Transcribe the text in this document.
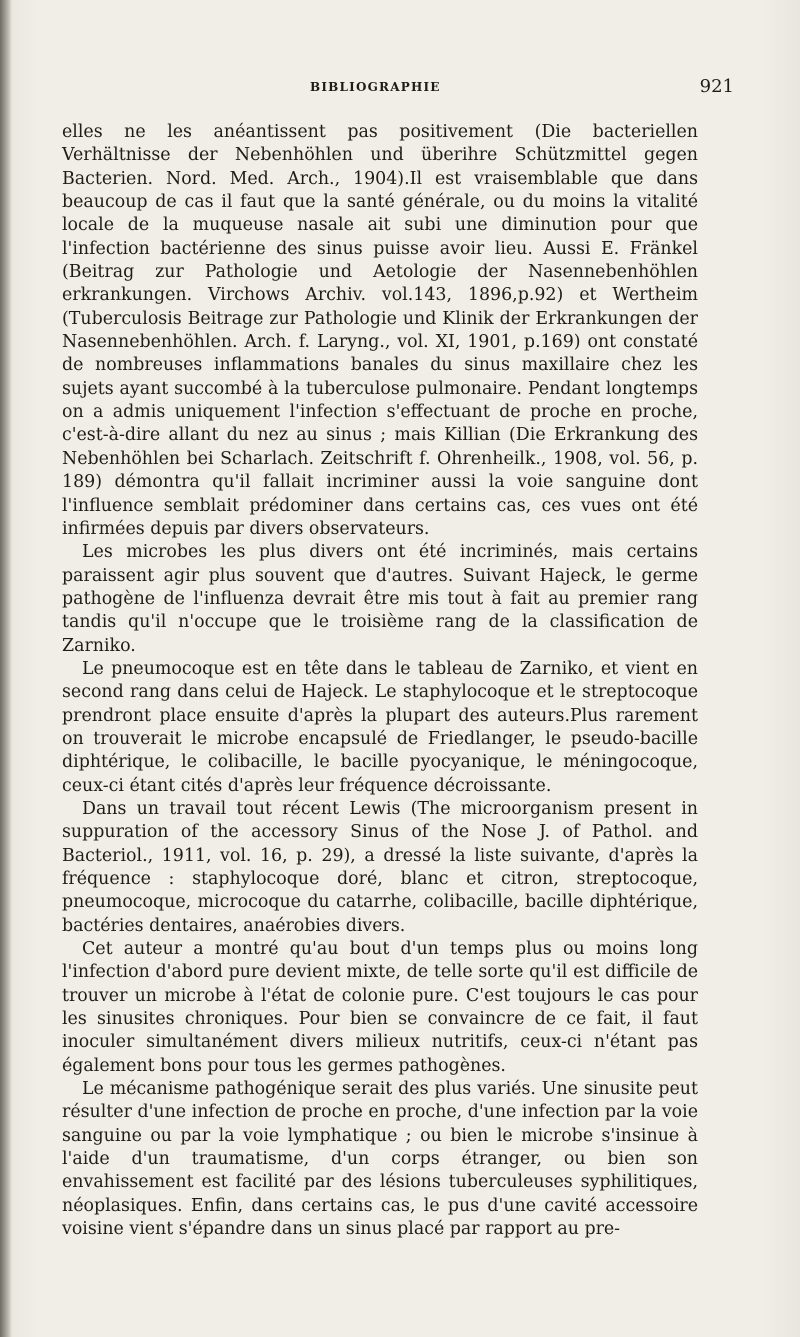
BIBLIOGRAPHIE	921

elles ne les anéantissent pas positivement (Die bacteriellen Verhältnisse der Nebenhöhlen und überihre Schützmittel gegen Bacterien. Nord. Med. Arch., 1904).Il est vraisemblable que dans beaucoup de cas il faut que la santé générale, ou du moins la vitalité locale de la muqueuse nasale ait subi une diminution pour que l'infection bactérienne des sinus puisse avoir lieu. Aussi E. Fränkel (Beitrag zur Pathologie und Aetologie der Nasennebenhöhlen erkrankungen. Virchows Archiv. vol.143, 1896,p.92) et Wertheim (Tuberculosis Beitrage zur Pathologie und Klinik der Erkrankungen der Nasennebenhöhlen. Arch. f. Laryng., vol. XI, 1901, p.169) ont constaté de nombreuses inflammations banales du sinus maxillaire chez les sujets ayant succombé à la tuberculose pulmonaire. Pendant longtemps on a admis uniquement l'infection s'effectuant de proche en proche, c'est-à-dire allant du nez au sinus ; mais Killian (Die Erkrankung des Nebenhöhlen bei Scharlach. Zeitschrift f. Ohrenheilk., 1908, vol. 56, p. 189) démontra qu'il fallait incriminer aussi la voie sanguine dont l'influence semblait prédominer dans certains cas, ces vues ont été infirmées depuis par divers observateurs.

Les microbes les plus divers ont été incriminés, mais certains paraissent agir plus souvent que d'autres. Suivant Hajeck, le germe pathogène de l'influenza devrait être mis tout à fait au premier rang tandis qu'il n'occupe que le troisième rang de la classification de Zarniko.

Le pneumocoque est en tête dans le tableau de Zarniko, et vient en second rang dans celui de Hajeck. Le staphylocoque et le streptocoque prendront place ensuite d'après la plupart des auteurs.Plus rarement on trouverait le microbe encapsulé de Friedlanger, le pseudo-bacille diphtérique, le colibacille, le bacille pyocyanique, le méningocoque, ceux-ci étant cités d'après leur fréquence décroissante.

Dans un travail tout récent Lewis (The microorganism present in suppuration of the accessory Sinus of the Nose J. of Pathol. and Bacteriol., 1911, vol. 16, p. 29), a dressé la liste suivante, d'après la fréquence : staphylocoque doré, blanc et citron, streptocoque, pneumocoque, microcoque du catarrhe, colibacille, bacille diphtérique, bactéries dentaires, anaérobies divers.

Cet auteur a montré qu'au bout d'un temps plus ou moins long l'infection d'abord pure devient mixte, de telle sorte qu'il est difficile de trouver un microbe à l'état de colonie pure. C'est toujours le cas pour les sinusites chroniques. Pour bien se convaincre de ce fait, il faut inoculer simultanément divers milieux nutritifs, ceux-ci n'étant pas également bons pour tous les germes pathogènes.

Le mécanisme pathogénique serait des plus variés. Une sinusite peut résulter d'une infection de proche en proche, d'une infection par la voie sanguine ou par la voie lymphatique ; ou bien le microbe s'insinue à l'aide d'un traumatisme, d'un corps étranger, ou bien son envahissement est facilité par des lésions tuberculeuses syphilitiques, néoplasiques. Enfin, dans certains cas, le pus d'une cavité accessoire voisine vient s'épandre dans un sinus placé par rapport au pre-
